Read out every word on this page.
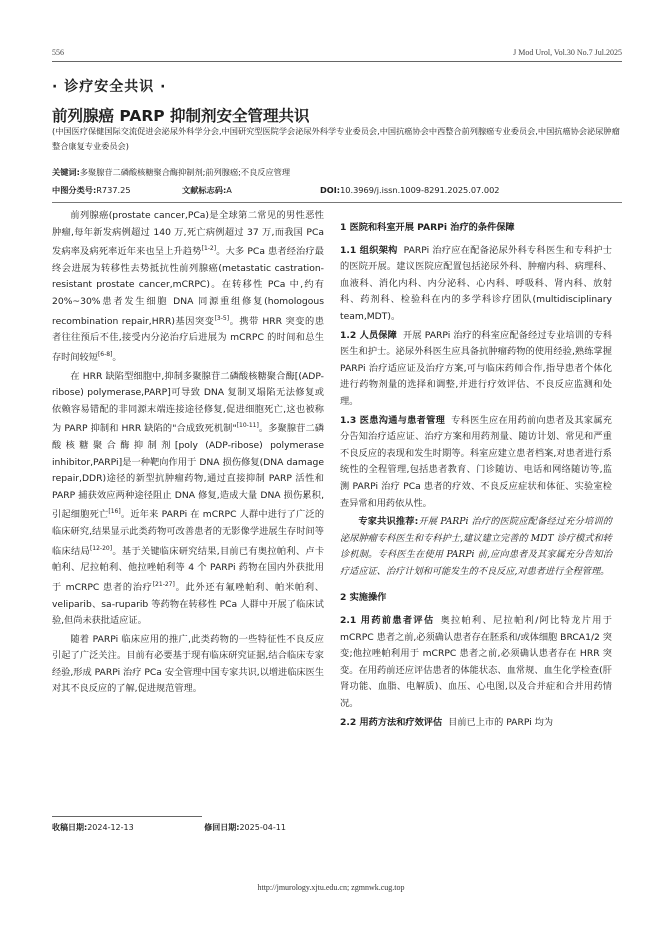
556	J Mod Urol, Vol.30 No.7 Jul.2025
· 诊疗安全共识 ·
前列腺癌 PARP 抑制剂安全管理共识
(中国医疗保健国际交流促进会泌尿外科学分会,中国研究型医院学会泌尿外科学专业委员会,中国抗癌协会中西整合前列腺癌专业委员会,中国抗癌协会泌尿肿瘤整合康复专业委员会)
关键词:多聚腺苷二磷酸核糖聚合酶抑制剂;前列腺癌;不良反应管理
中图分类号:R737.25	文献标志码:A	DOI:10.3969/j.issn.1009-8291.2025.07.002

前列腺癌(prostate cancer,PCa)是全球第二常见的男性恶性肿瘤,每年新发病例超过 140 万,死亡病例超过 37 万,而我国 PCa 发病率及病死率近年来也呈上升趋势[1-2]。大多 PCa 患者经治疗最终会进展为转移性去势抵抗性前列腺癌(metastatic castration-resistant prostate cancer,mCRPC)。在转移性 PCa 中,约有 20%~30%患者发生细胞 DNA 同源重组修复(homologous recombination repair,HRR)基因突变[3-5]。携带 HRR 突变的患者往往预后不佳,接受内分泌治疗后进展为 mCRPC 的时间和总生存时间较短[6-8]。

在 HRR 缺陷型细胞中,抑制多聚腺苷二磷酸核糖聚合酶[(ADP-ribose) polymerase,PARP]可导致 DNA 复制叉塌陷无法修复或依赖容易错配的非同源末端连接途径修复,促进细胞死亡,这也被称为 PARP 抑制和 HRR 缺陷的"合成致死机制"[10-11]。多聚腺苷二磷酸核糖聚合酶抑制剂[poly (ADP-ribose) polymerase inhibitor,PARPi]是一种靶向作用于 DNA 损伤修复(DNA damage repair,DDR)途径的新型抗肿瘤药物,通过直接抑制 PARP 活性和 PARP 捕获效应两种途径阻止 DNA 修复,造成大量 DNA 损伤累积,引起细胞死亡[16]。近年来 PARPi 在 mCRPC 人群中进行了广泛的临床研究,结果显示此类药物可改善患者的无影像学进展生存时间等临床结局[12-20]。基于关键临床研究结果,目前已有奥拉帕利、卢卡帕利、尼拉帕利、他拉唑帕利等 4 个 PARPi 药物在国内外获批用于 mCRPC 患者的治疗[21-27]。此外还有氟唑帕利、帕米帕利、veliparib、sa-ruparib 等药物在转移性 PCa 人群中开展了临床试验,但尚未获批适应证。

随着 PARPi 临床应用的推广,此类药物的一些特征性不良反应引起了广泛关注。目前有必要基于现有临床研究证据,结合临床专家经验,形成 PARPi 治疗 PCa 安全管理中国专家共识,以增进临床医生对其不良反应的了解,促进规范管理。

收稿日期:2024-12-13	修回日期:2025-04-11
1 医院和科室开展 PARPi 治疗的条件保障

1.1 组织架构 PARPi 治疗应在配备泌尿外科专科医生和专科护士的医院开展。建议医院应配置包括泌尿外科、肿瘤内科、病理科、血液科、消化内科、内分泌科、心内科、呼吸科、肾内科、放射科、药剂科、检验科在内的多学科诊疗团队(multidisciplinary team,MDT)。

1.2 人员保障 开展 PARPi 治疗的科室应配备经过专业培训的专科医生和护士。泌尿外科医生应具备抗肿瘤药物的使用经验,熟练掌握 PARPi 治疗适应证及治疗方案,可与临床药师合作,指导患者个体化进行药物剂量的选择和调整,并进行疗效评估、不良反应监测和处理。

1.3 医患沟通与患者管理 专科医生应在用药前向患者及其家属充分告知治疗适应证、治疗方案和用药剂量、随访计划、常见和严重不良反应的表现和发生时期等。科室应建立患者档案,对患者进行系统性的全程管理,包括患者教育、门诊随访、电话和网络随访等,监测 PARPi 治疗 PCa 患者的疗效、不良反应症状和体征、实验室检查异常和用药依从性。

专家共识推荐:开展 PARPi 治疗的医院应配备经过充分培训的泌尿肿瘤专科医生和专科护士,建议建立完善的 MDT 诊疗模式和转诊机制。专科医生在使用 PARPi 前,应向患者及其家属充分告知治疗适应证、治疗计划和可能发生的不良反应,对患者进行全程管理。

2 实施操作

2.1 用药前患者评估 奥拉帕利、尼拉帕利/阿比特龙片用于 mCRPC 患者之前,必须确认患者存在胚系和/或体细胞 BRCA1/2 突变;他拉唑帕利用于 mCRPC 患者之前,必须确认患者存在 HRR 突变。在用药前还应评估患者的体能状态、血常规、血生化学检查(肝肾功能、血脂、电解质)、血压、心电图,以及合并症和合并用药情况。

2.2 用药方法和疗效评估 目前已上市的 PARPi 均为

http://jmurology.xjtu.edu.cn; zgmnwk.cug.top
